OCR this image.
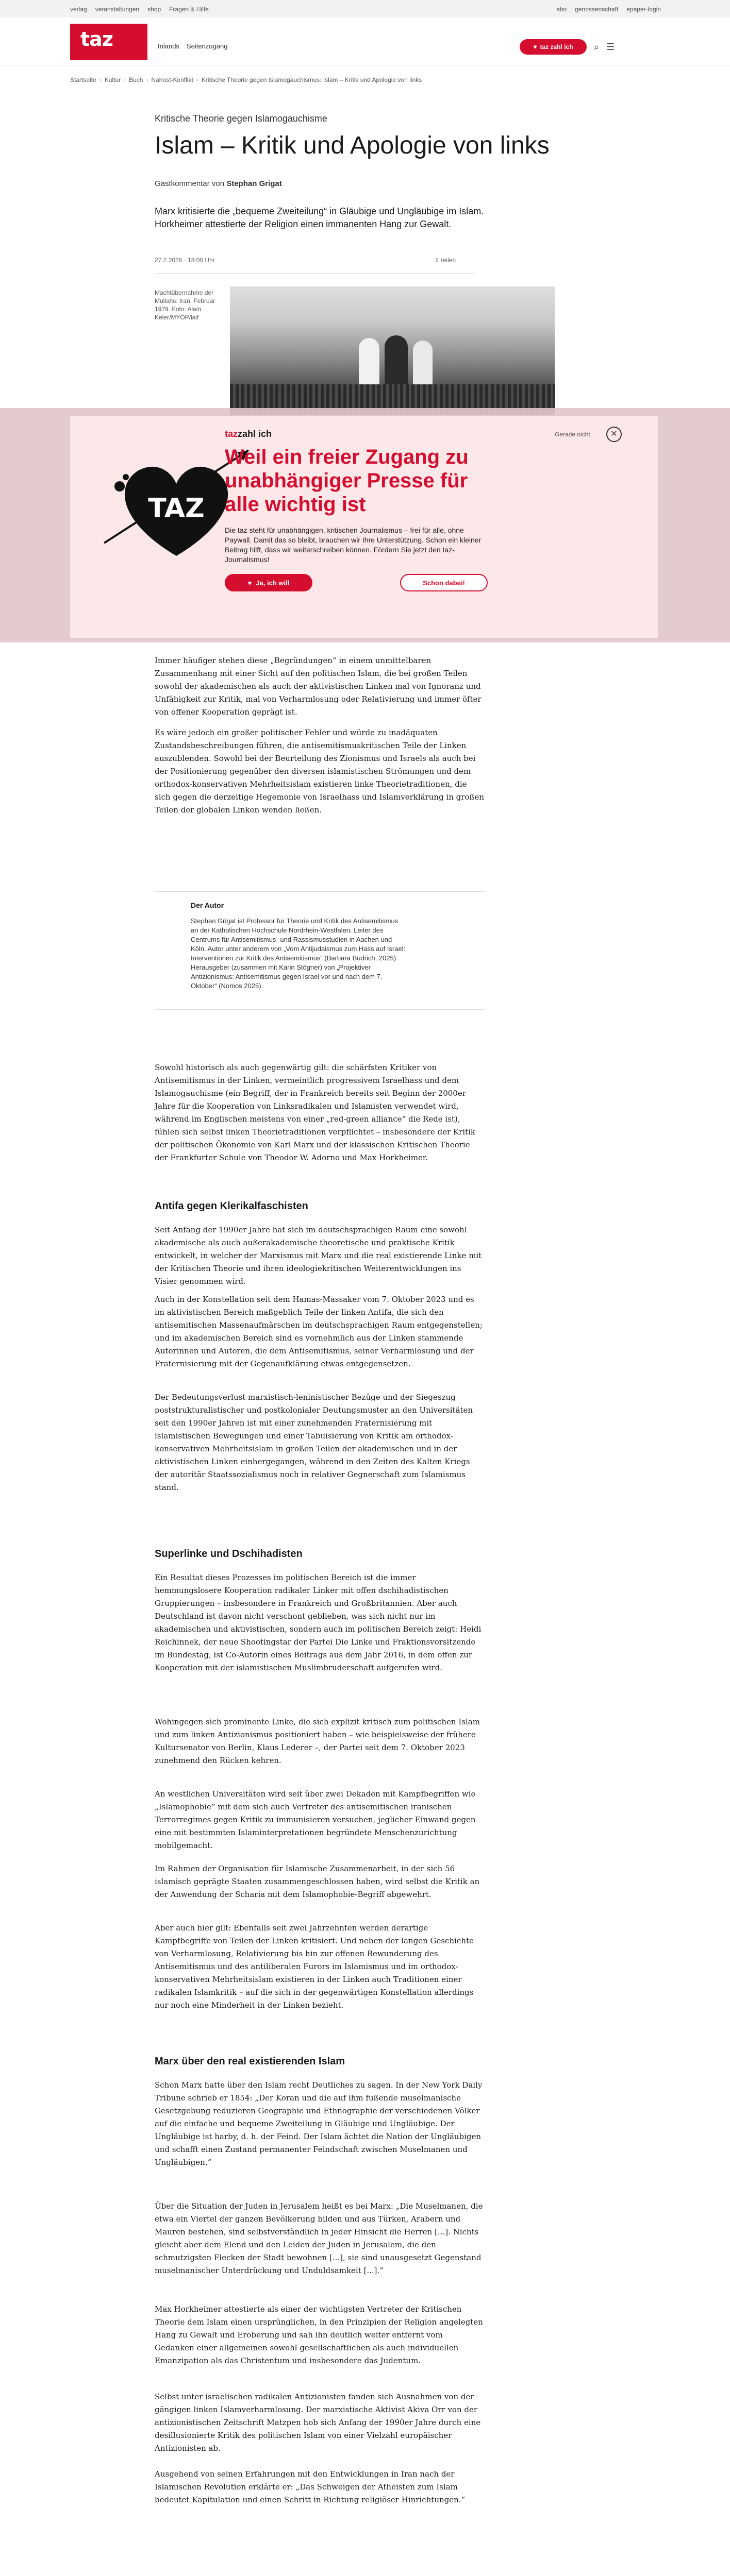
verlag veranstaltungen shop Fragen & Hilfe	abo genossenschaft epaper-login
taz	Inlands Seitenzugang	♥ taz zahl ich ⌕ ☰
Startseite › Kultur › Buch › Nahost-Konflikt › Kritische Theorie gegen Islamogauchismus: Islam – Kritik und Apologie von links
Kritische Theorie gegen Islamogauchisme
Islam – Kritik und Apologie von links
Gastkommentar von Stephan Grigat
Marx kritisierte die „bequeme Zweiteilung“ in Gläubige und Ungläubige im Islam. Horkheimer attestierte der Religion einen immanenten Hang zur Gewalt.
27.2.2026 · 18:00 Uhr	⇪ teilen
Machtübernahme der Mullahs: Iran, Februar 1979. Foto: Alain Keler/MYOP/laif

Immer häufiger stehen diese „Begründungen“ in einem unmittelbaren Zusammenhang mit einer Sicht auf den politischen Islam, die bei großen Teilen sowohl der akademischen als auch der aktivistischen Linken mal von Ignoranz und Unfähigkeit zur Kritik, mal von Verharmlosung oder Relativierung und immer öfter von offener Kooperation geprägt ist.

Es wäre jedoch ein großer politischer Fehler und würde zu inadäquaten Zustandsbeschreibungen führen, die antisemitismuskritischen Teile der Linken auszublenden. Sowohl bei der Beurteilung des Zionismus und Israels als auch bei der Positionierung gegenüber den diversen islamistischen Strömungen und dem orthodox-konservativen Mehrheitsislam existieren linke Theorietraditionen, die sich gegen die derzeitige Hegemonie von Israelhass und Islamverklärung in großen Teilen der globalen Linken wenden ließen.

Der Autor
Stephan Grigat ist Professor für Theorie und Kritik des Antisemitismus an der Katholischen Hochschule Nordrhein-Westfalen. Leiter des Centrums für Antisemitismus- und Rassismusstudien in Aachen und Köln. Autor unter anderem von „Vom Antijudaismus zum Hass auf Israel: Interventionen zur Kritik des Antisemitismus“ (Barbara Budrich, 2025). Herausgeber (zusammen mit Karin Stögner) von „Projektiver Antizionismus: Antisemitismus gegen Israel vor und nach dem 7. Oktober“ (Nomos 2025).

Sowohl historisch als auch gegenwärtig gilt: die schärfsten Kritiker von Antisemitismus in der Linken, vermeintlich progressivem Israelhass und dem Islamogauchisme (ein Begriff, der in Frankreich bereits seit Beginn der 2000er Jahre für die Kooperation von Linksradikalen und Islamisten verwendet wird, während im Englischen meistens von einer „red-green alliance“ die Rede ist), fühlen sich selbst linken Theorietraditionen verpflichtet – insbesondere der Kritik der politischen Ökonomie von Karl Marx und der klassischen Kritischen Theorie der Frankfurter Schule von Theodor W. Adorno und Max Horkheimer.

Antifa gegen Klerikalfaschisten

Seit Anfang der 1990er Jahre hat sich im deutschsprachigen Raum eine sowohl akademische als auch außerakademische theoretische und praktische Kritik entwickelt, in welcher der Marxismus mit Marx und die real existierende Linke mit der Kritischen Theorie und ihren ideologiekritischen Weiterentwicklungen ins Visier genommen wird.

Auch in der Konstellation seit dem Hamas-Massaker vom 7. Oktober 2023 und es im aktivistischen Bereich maßgeblich Teile der linken Antifa, die sich den antisemitischen Massenaufmärschen im deutschsprachigen Raum entgegenstellen; und im akademischen Bereich sind es vornehmlich aus der Linken stammende Autorinnen und Autoren, die dem Antisemitismus, seiner Verharmlosung und der Fraternisierung mit der Gegenaufklärung etwas entgegensetzen.

Der Bedeutungsverlust marxistisch-leninistischer Bezüge und der Siegeszug poststrukturalistischer und postkolonialer Deutungsmuster an den Universitäten seit den 1990er Jahren ist mit einer zunehmenden Fraternisierung mit islamistischen Bewegungen und einer Tabuisierung von Kritik am orthodox-konservativen Mehrheitsislam in großen Teilen der akademischen und in der aktivistischen Linken einhergegangen, während in den Zeiten des Kalten Kriegs der autoritär Staatssozialismus noch in relativer Gegnerschaft zum Islamismus stand.

Superlinke und Dschihadisten

Ein Resultat dieses Prozesses im politischen Bereich ist die immer hemmungslosere Kooperation radikaler Linker mit offen dschihadistischen Gruppierungen – insbesondere in Frankreich und Großbritannien. Aber auch Deutschland ist davon nicht verschont geblieben, was sich nicht nur im akademischen und aktivistischen, sondern auch im politischen Bereich zeigt: Heidi Reichinnek, der neue Shootingstar der Partei Die Linke und Fraktionsvorsitzende im Bundestag, ist Co-Autorin eines Beitrags aus dem Jahr 2016, in dem offen zur Kooperation mit der islamistischen Muslimbruderschaft aufgerufen wird.

Wohingegen sich prominente Linke, die sich explizit kritisch zum politischen Islam und zum linken Antizionismus positioniert haben – wie beispielsweise der frühere Kultursenator von Berlin, Klaus Lederer –, der Partei seit dem 7. Oktober 2023 zunehmend den Rücken kehren.

An westlichen Universitäten wird seit über zwei Dekaden mit Kampfbegriffen wie „Islamophobie“ mit dem sich auch Vertreter des antisemitischen iranischen Terrorregimes gegen Kritik zu immunisieren versuchen, jeglicher Einwand gegen eine mit bestimmten Islaminterpretationen begründete Menschenzurichtung mobilgemacht.

Im Rahmen der Organisation für Islamische Zusammenarbeit, in der sich 56 islamisch geprägte Staaten zusammengeschlossen haben, wird selbst die Kritik an der Anwendung der Scharia mit dem Islamophobie-Begriff abgewehrt.

Aber auch hier gilt: Ebenfalls seit zwei Jahrzehnten werden derartige Kampfbegriffe von Teilen der Linken kritisiert. Und neben der langen Geschichte von Verharmlosung, Relativierung bis hin zur offenen Bewunderung des Antisemitismus und des antiliberalen Furors im Islamismus und im orthodox-konservativen Mehrheitsislam existieren in der Linken auch Traditionen einer radikalen Islamkritik – auf die sich in der gegenwärtigen Konstellation allerdings nur noch eine Minderheit in der Linken bezieht.

Marx über den real existierenden Islam

Schon Marx hatte über den Islam recht Deutliches zu sagen. In der New York Daily Tribune schrieb er 1854: „Der Koran und die auf ihm fußende muselmanische Gesetzgebung reduzieren Geographie und Ethnographie der verschiedenen Völker auf die einfache und bequeme Zweiteilung in Gläubige und Ungläubige. Der Ungläubige ist harby, d. h. der Feind. Der Islam ächtet die Nation der Ungläubigen und schafft einen Zustand permanenter Feindschaft zwischen Muselmanen und Ungläubigen.“

Über die Situation der Juden in Jerusalem heißt es bei Marx: „Die Muselmanen, die etwa ein Viertel der ganzen Bevölkerung bilden und aus Türken, Arabern und Mauren bestehen, sind selbstverständlich in jeder Hinsicht die Herren [...]. Nichts gleicht aber dem Elend und den Leiden der Juden in Jerusalem, die den schmutzigsten Flecken der Stadt bewohnen [...], sie sind unausgesetzt Gegenstand muselmanischer Unterdrückung und Unduldsamkeit [...].“

Max Horkheimer attestierte als einer der wichtigsten Vertreter der Kritischen Theorie dem Islam einen ursprünglichen, in den Prinzipien der Religion angelegten Hang zu Gewalt und Eroberung und sah ihn deutlich weiter entfernt vom Gedanken einer allgemeinen sowohl gesellschaftlichen als auch individuellen Emanzipation als das Christentum und insbesondere das Judentum.

Selbst unter israelischen radikalen Antizionisten fanden sich Ausnahmen von der gängigen linken Islamverharmlosung. Der marxistische Aktivist Akiva Orr von der antizionistischen Zeitschrift Matzpen hob sich Anfang der 1990er Jahre durch eine desillusionierte Kritik des politischen Islam von einer Vielzahl europäischer Antizionisten ab.

Ausgehend von seinen Erfahrungen mit den Entwicklungen in Iran nach der Islamischen Revolution erklärte er: „Das Schweigen der Atheisten zum Islam bedeutet Kapitulation und einen Schritt in Richtung religiöser Hinrichtungen.“

TAZ
tazzahl ich
Weil ein freier Zugang zu unabhängiger Presse für alle wichtig ist
Die taz steht für unabhängigen, kritischen Journalismus – frei für alle, ohne Paywall. Damit das so bleibt, brauchen wir Ihre Unterstützung. Schon ein kleiner Beitrag hilft, dass wir weiterschreiben können. Fördern Sie jetzt den taz-Journalismus!
♥ Ja, ich will	Schon dabei!
Gerade nicht	✕
